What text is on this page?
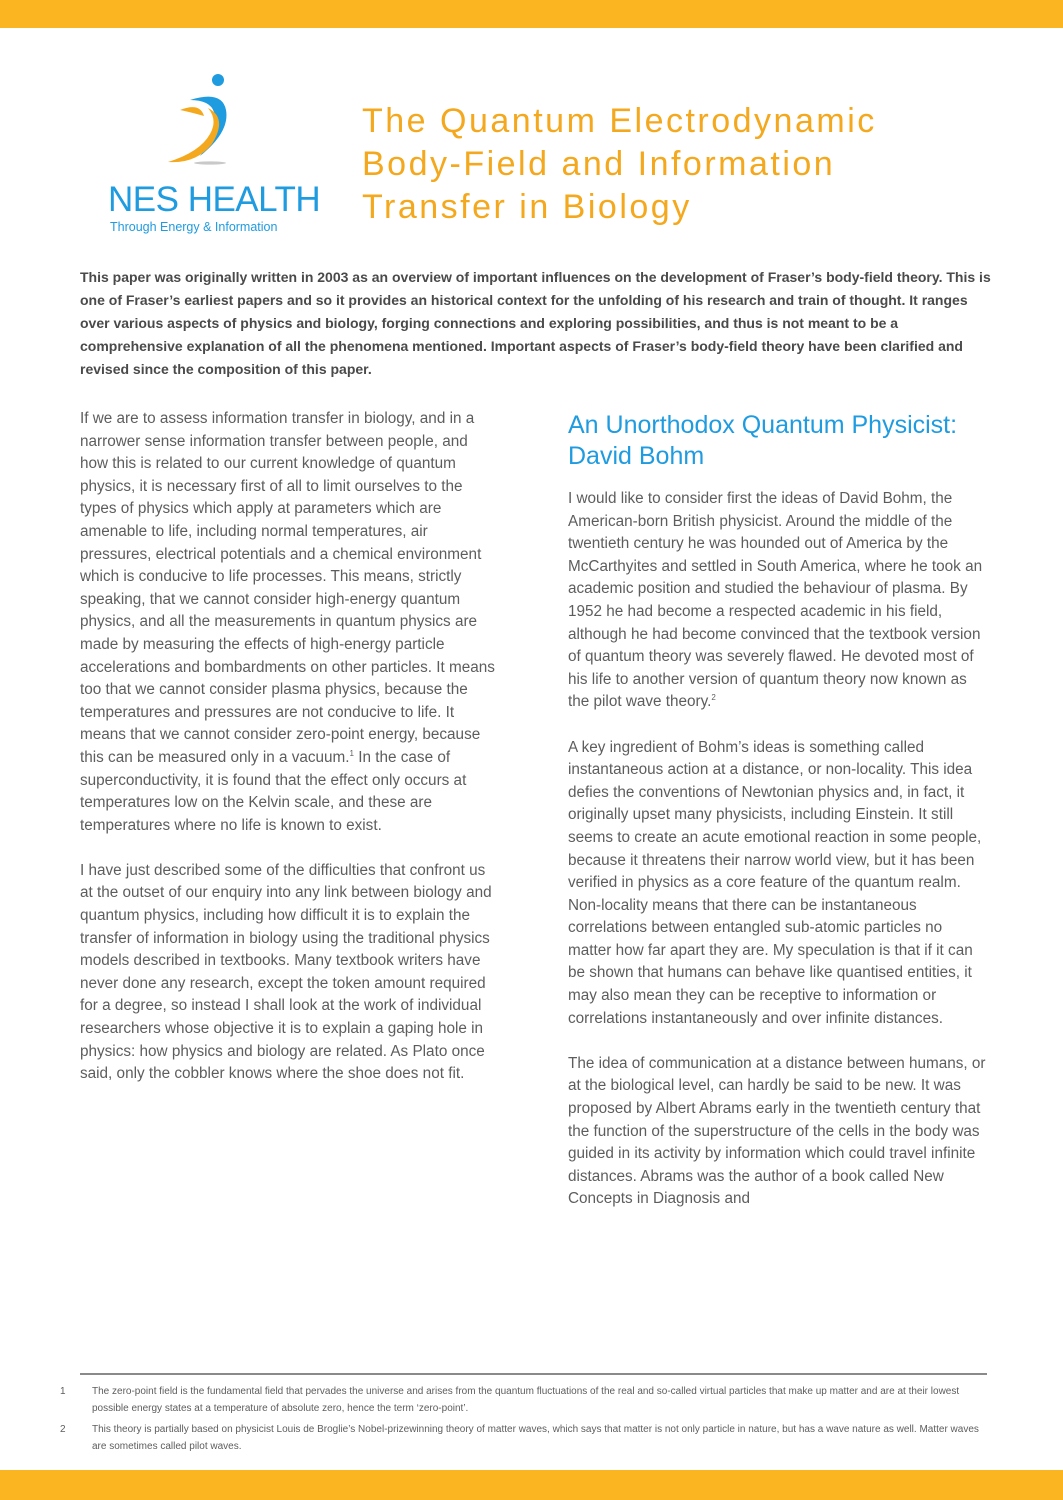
NES HEALTH
Through Energy & Information
The Quantum Electrodynamic
Body-Field and Information
Transfer in Biology
This paper was originally written in 2003 as an overview of important influences on the development of Fraser’s body-field theory. This is one of Fraser’s earliest papers and so it provides an historical context for the unfolding of his research and train of thought. It ranges over various aspects of physics and biology, forging connections and exploring possibilities, and thus is not meant to be a comprehensive explanation of all the phenomena mentioned. Important aspects of Fraser’s body-field theory have been clarified and revised since the composition of this paper.

If we are to assess information transfer in biology, and in a narrower sense information transfer between people, and how this is related to our current knowledge of quantum physics, it is necessary first of all to limit ourselves to the types of physics which apply at parameters which are amenable to life, including normal temperatures, air pressures, electrical potentials and a chemical environment which is conducive to life processes. This means, strictly speaking, that we cannot consider high-energy quantum physics, and all the measurements in quantum physics are made by measuring the effects of high-energy particle accelerations and bombardments on other particles. It means too that we cannot consider plasma physics, because the temperatures and pressures are not conducive to life. It means that we cannot consider zero-point energy, because this can be measured only in a vacuum.$^1$ In the case of superconductivity, it is found that the effect only occurs at temperatures low on the Kelvin scale, and these are temperatures where no life is known to exist.

I have just described some of the difficulties that confront us at the outset of our enquiry into any link between biology and quantum physics, including how difficult it is to explain the transfer of information in biology using the traditional physics models described in textbooks. Many textbook writers have never done any research, except the token amount required for a degree, so instead I shall look at the work of individual researchers whose objective it is to explain a gaping hole in physics: how physics and biology are related. As Plato once said, only the cobbler knows where the shoe does not fit.

An Unorthodox Quantum Physicist: David Bohm

I would like to consider first the ideas of David Bohm, the American-born British physicist. Around the middle of the twentieth century he was hounded out of America by the McCarthyites and settled in South America, where he took an academic position and studied the behaviour of plasma. By 1952 he had become a respected academic in his field, although he had become convinced that the textbook version of quantum theory was severely flawed. He devoted most of his life to another version of quantum theory now known as the pilot wave theory.$^2$

A key ingredient of Bohm’s ideas is something called instantaneous action at a distance, or non-locality. This idea defies the conventions of Newtonian physics and, in fact, it originally upset many physicists, including Einstein. It still seems to create an acute emotional reaction in some people, because it threatens their narrow world view, but it has been verified in physics as a core feature of the quantum realm. Non-locality means that there can be instantaneous correlations between entangled sub-atomic particles no matter how far apart they are. My speculation is that if it can be shown that humans can behave like quantised entities, it may also mean they can be receptive to information or correlations instantaneously and over infinite distances.

The idea of communication at a distance between humans, or at the biological level, can hardly be said to be new. It was proposed by Albert Abrams early in the twentieth century that the function of the superstructure of the cells in the body was guided in its activity by information which could travel infinite distances. Abrams was the author of a book called New Concepts in Diagnosis and

1	The zero-point field is the fundamental field that pervades the universe and arises from the quantum fluctuations of the real and so-called virtual particles that make up matter and are at their lowest possible energy states at a temperature of absolute zero, hence the term ‘zero-point’.
2	This theory is partially based on physicist Louis de Broglie’s Nobel-prizewinning theory of matter waves, which says that matter is not only particle in nature, but has a wave nature as well. Matter waves are sometimes called pilot waves.
